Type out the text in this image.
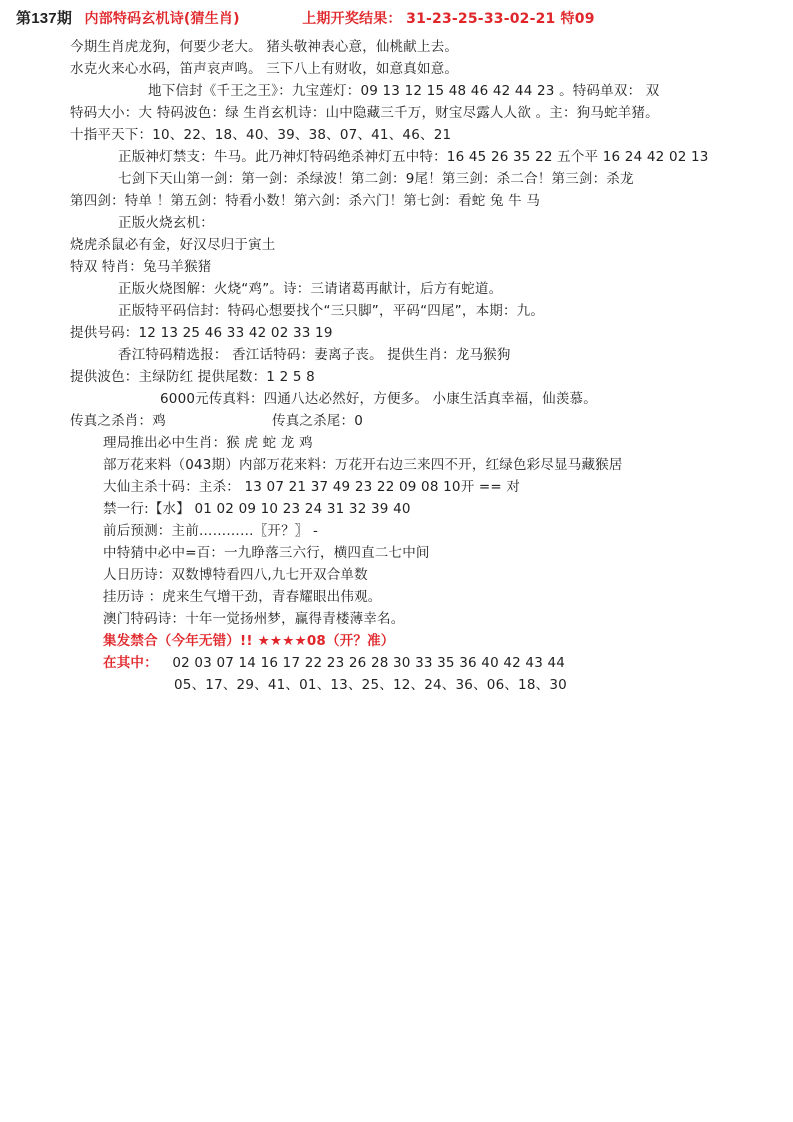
第137期 内部特码玄机诗(猜生肖)	上期开奖结果： 31-23-25-33-02-21 特09
今期生肖虎龙狗，何要少老大。 猪头敬神表心意，仙桃献上去。
水克火来心水码，笛声哀声鸣。 三下八上有财收，如意真如意。
地下信封《千王之王》：九宝莲灯：09 13 12 15 48 46 42 44 23 。特码单双： 双
特码大小：大 特码波色：绿 生肖玄机诗：山中隐藏三千万，财宝尽露人人欲 。主：狗马蛇羊猪。
十指平天下：10、22、18、40、39、38、07、41、46、21
正版神灯禁支：牛马。此乃神灯特码绝杀神灯五中特：16 45 26 35 22 五个平 16 24 42 02 13
七剑下天山第一剑：第一剑：杀绿波！第二剑：9尾！第三剑：杀二合！第三剑：杀龙
第四剑：特单 ！第五剑：特看小数！第六剑：杀六门！第七剑：看蛇 兔 牛 马
正版火烧玄机：
烧虎杀鼠必有金，好汉尽归于寅土
特双 特肖：兔马羊猴猪
正版火烧图解：火烧“鸡”。诗：三请诸葛再献计，后方有蛇道。
正版特平码信封：特码心想要找个“三只脚”，平码“四尾”，本期：九。
提供号码：12 13 25 46 33 42 02 33 19
香江特码精选报： 香江话特码：妻离子丧。 提供生肖：龙马猴狗
提供波色：主绿防红 提供尾数：1 2 5 8
6000元传真料：四通八达必然好，方便多。 小康生活真幸福，仙羡慕。
传真之杀肖：鸡	传真之杀尾：0
理局推出必中生肖：猴 虎 蛇 龙 鸡
部万花来料（043期）内部万花来料：万花开右边三来四不开，红绿色彩尽显马藏猴居
大仙主杀十码：主杀： 13 07 21 37 49 23 22 09 08 10开 == 对
禁一行:【水】 01 02 09 10 23 24 31 32 39 40
前后预测：主前…………〖开？〗 -
中特猜中必中=百：一九睁落三六行，横四直二七中间
人日历诗：双数博特看四八,九七开双合单数
挂历诗 ：虎来生气增干劲，青春耀眼出伟观。
澳门特码诗：十年一觉扬州梦，赢得青楼薄幸名。
集发禁合（今年无错）!! ★★★★08（开？准）
在其中： 02 03 07 14 16 17 22 23 26 28 30 33 35 36 40 42 43 44
05、17、29、41、01、13、25、12、24、36、06、18、30
